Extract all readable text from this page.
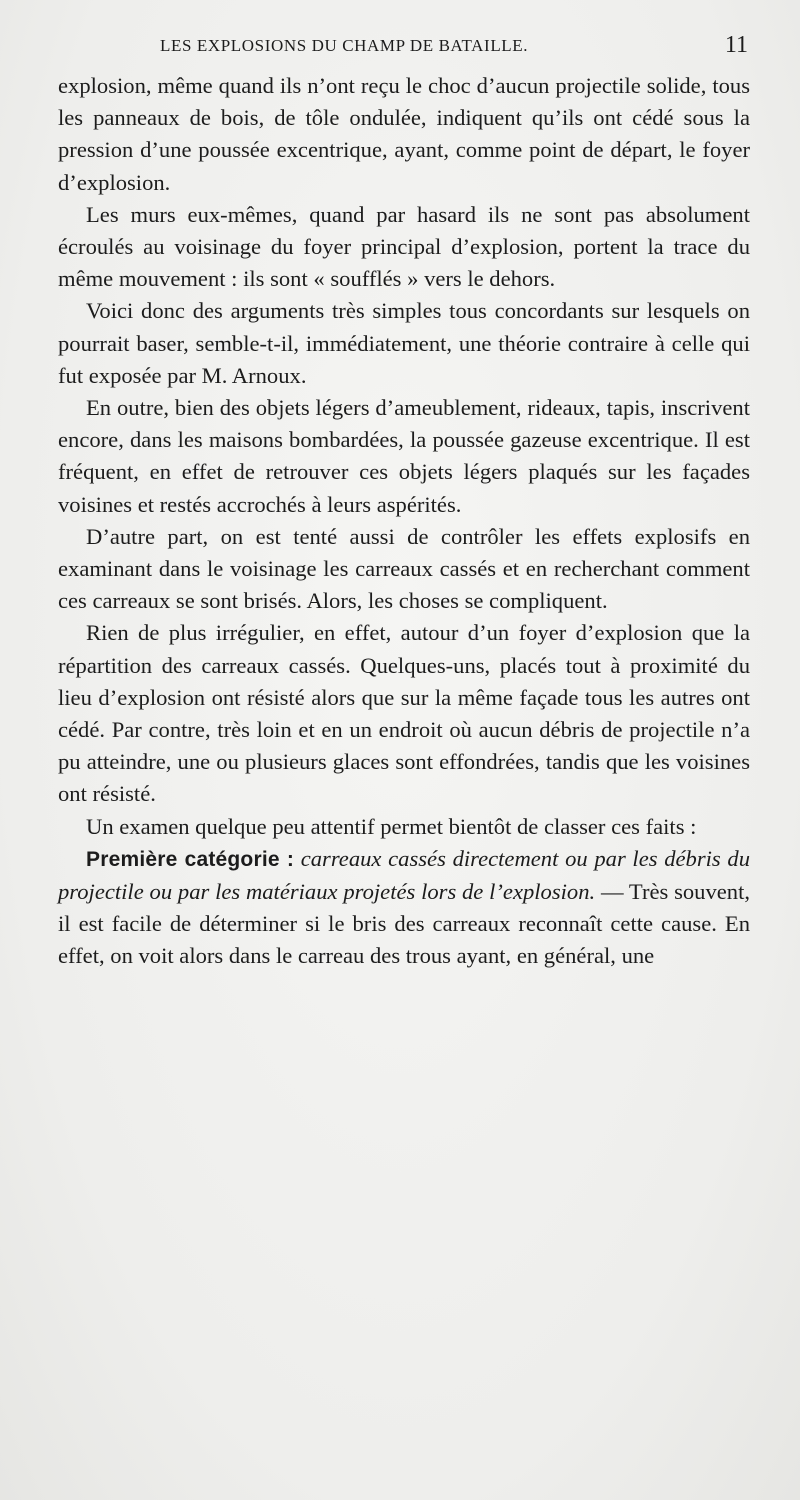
LES EXPLOSIONS DU CHAMP DE BATAILLE.	11

explosion, même quand ils n’ont reçu le choc d’aucun projectile solide, tous les panneaux de bois, de tôle ondulée, indiquent qu’ils ont cédé sous la pression d’une poussée excentrique, ayant, comme point de départ, le foyer d’explosion.

Les murs eux-mêmes, quand par hasard ils ne sont pas absolument écroulés au voisinage du foyer principal d’explosion, portent la trace du même mouvement : ils sont « soufflés » vers le dehors.

Voici donc des arguments très simples tous concordants sur lesquels on pourrait baser, semble-t-il, immédiatement, une théorie contraire à celle qui fut exposée par M. Arnoux.

En outre, bien des objets légers d’ameublement, rideaux, tapis, inscrivent encore, dans les maisons bombardées, la poussée gazeuse excentrique. Il est fréquent, en effet de retrouver ces objets légers plaqués sur les façades voisines et restés accrochés à leurs aspérités.

D’autre part, on est tenté aussi de contrôler les effets explosifs en examinant dans le voisinage les carreaux cassés et en recherchant comment ces carreaux se sont brisés. Alors, les choses se compliquent.

Rien de plus irrégulier, en effet, autour d’un foyer d’explosion que la répartition des carreaux cassés. Quelques-uns, placés tout à proximité du lieu d’explosion ont résisté alors que sur la même façade tous les autres ont cédé. Par contre, très loin et en un endroit où aucun débris de projectile n’a pu atteindre, une ou plusieurs glaces sont effondrées, tandis que les voisines ont résisté.

Un examen quelque peu attentif permet bientôt de classer ces faits :

Première catégorie : carreaux cassés directement ou par les débris du projectile ou par les matériaux projetés lors de l’explosion. — Très souvent, il est facile de déterminer si le bris des carreaux reconnaît cette cause. En effet, on voit alors dans le carreau des trous ayant, en général, une
